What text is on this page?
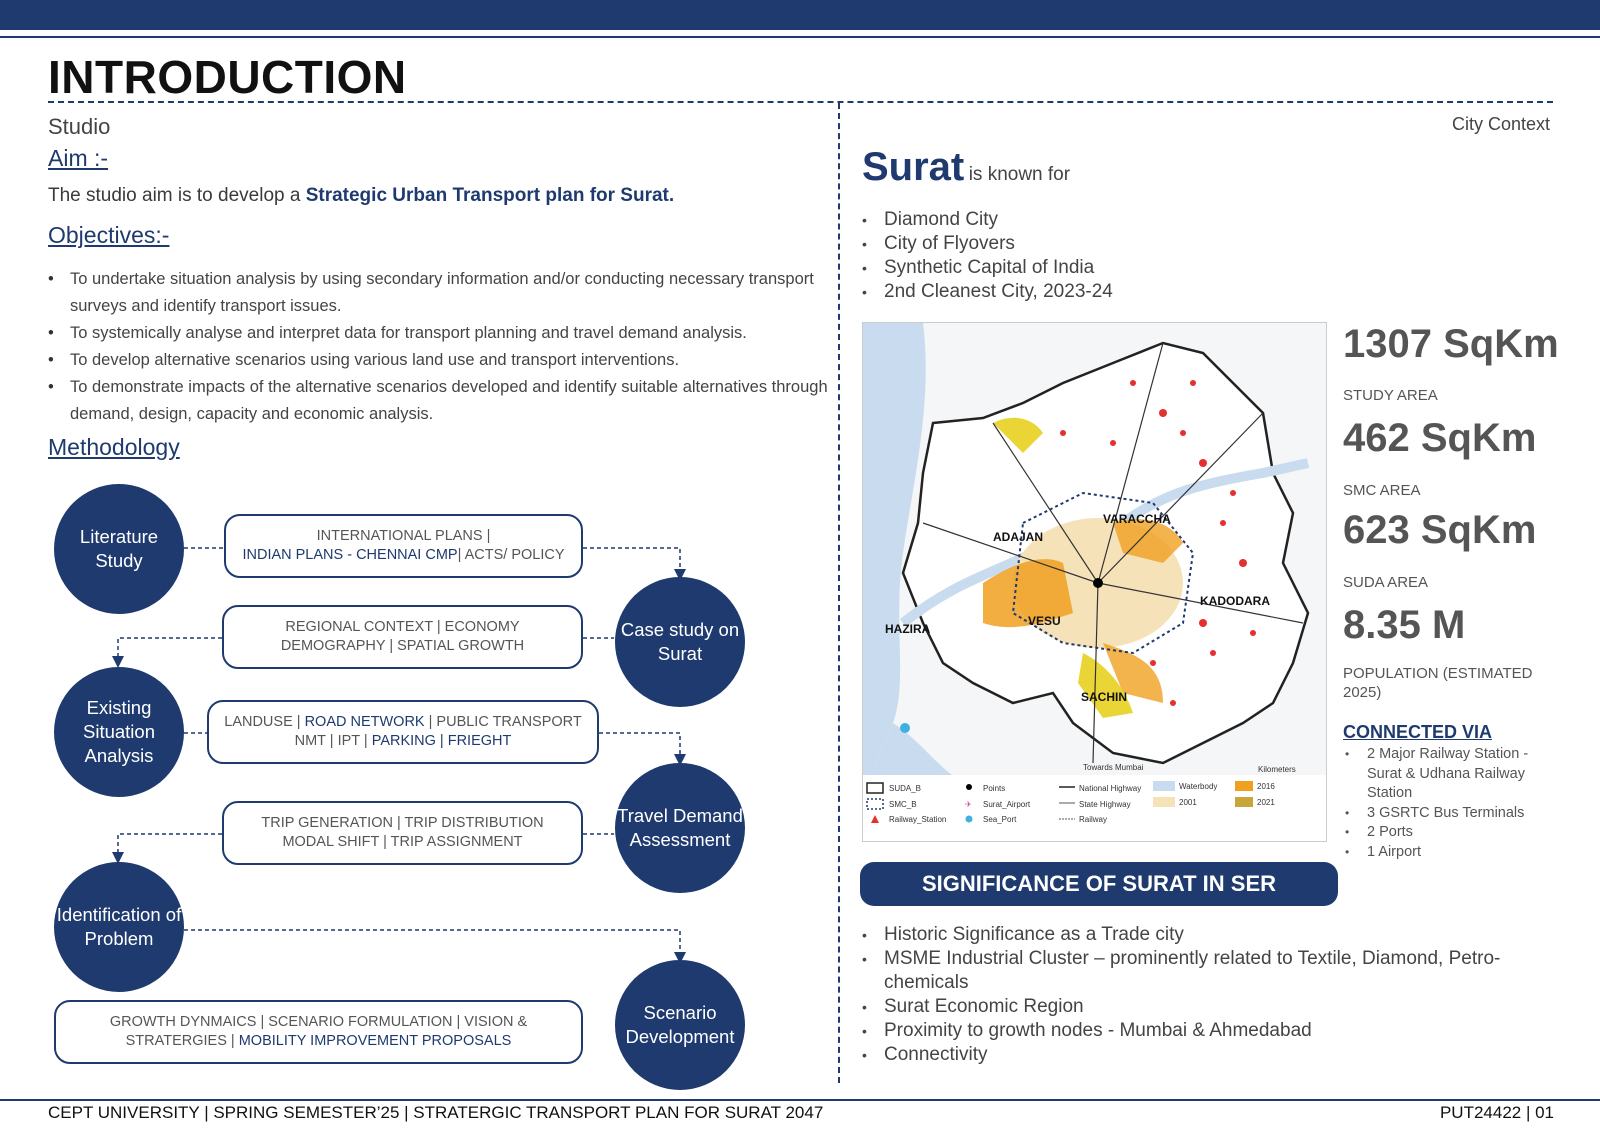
INTRODUCTION
Studio	City Context
Aim :-
The studio aim is to develop a Strategic Urban Transport plan for Surat.
Objectives:-
• To undertake situation analysis by using secondary information and/or conducting necessary transport surveys and identify transport issues.
• To systemically analyse and interpret data for transport planning and travel demand analysis.
• To develop alternative scenarios using various land use and transport interventions.
• To demonstrate impacts of the alternative scenarios developed and identify suitable alternatives through demand, design, capacity and economic analysis.
Methodology
Literature Study
Case study on Surat
Existing Situation Analysis
Travel Demand Assessment
Identification of Problem
Scenario Development
INTERNATIONAL PLANS |
INDIAN PLANS - CHENNAI CMP| ACTS/ POLICY
REGIONAL CONTEXT | ECONOMY
DEMOGRAPHY | SPATIAL GROWTH
LANDUSE | ROAD NETWORK | PUBLIC TRANSPORT
NMT | IPT | PARKING | FRIEGHT
TRIP GENERATION | TRIP DISTRIBUTION
MODAL SHIFT | TRIP ASSIGNMENT
GROWTH DYNMAICS | SCENARIO FORMULATION | VISION &
STRATERGIES | MOBILITY IMPROVEMENT PROPOSALS
Surat is known for
• Diamond City
• City of Flyovers
• Synthetic Capital of India
• 2nd Cleanest City, 2023-24
ADAJAN
VARACCHA
HAZIRA
VESU
KADODARA
SACHIN
Towards Mumbai	Kilometers
SUDA_B
SMC_B
Railway_Station
Points
✈ Surat_Airport
Sea_Port
National Highway
State Highway
Railway
Waterbody
2001
2016
2021
1307 SqKm
STUDY AREA
462 SqKm
SMC AREA
623 SqKm
SUDA AREA
8.35 M
POPULATION (ESTIMATED 2025)
CONNECTED VIA
• 2 Major Railway Station - Surat & Udhana Railway Station
• 3 GSRTC Bus Terminals
• 2 Ports
• 1 Airport
SIGNIFICANCE OF SURAT IN SER
• Historic Significance as a Trade city
• MSME Industrial Cluster – prominently related to Textile, Diamond, Petro-chemicals
• Surat Economic Region
• Proximity to growth nodes - Mumbai & Ahmedabad
• Connectivity
CEPT UNIVERSITY | SPRING SEMESTER’25 | STRATERGIC TRANSPORT PLAN FOR SURAT 2047	PUT24422 | 01
